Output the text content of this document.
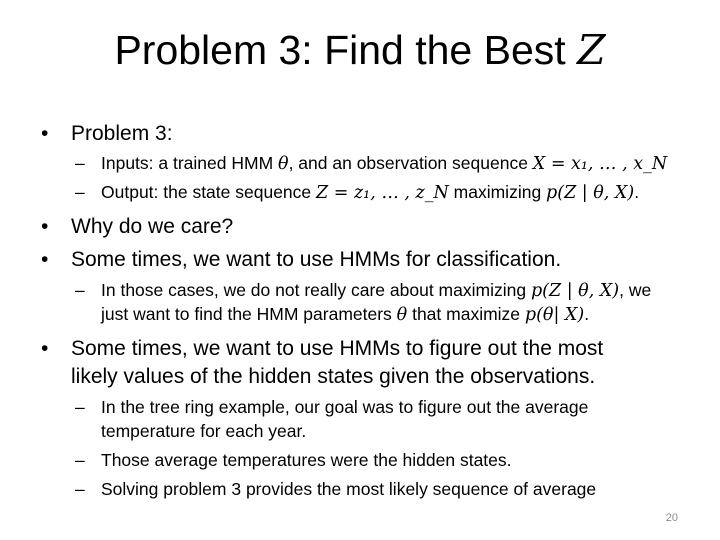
Problem 3: Find the Best Z
• Problem 3:
– Inputs: a trained HMM θ, and an observation sequence X = x₁, … , x_N
– Output: the state sequence Z = z₁, … , z_N maximizing p(Z | θ, X).
• Why do we care?
• Some times, we want to use HMMs for classification.
– In those cases, we do not really care about maximizing p(Z | θ, X), we
just want to find the HMM parameters θ that maximize p(θ| X).
• Some times, we want to use HMMs to figure out the most
likely values of the hidden states given the observations.
– In the tree ring example, our goal was to figure out the average
temperature for each year.
– Those average temperatures were the hidden states.
– Solving problem 3 provides the most likely sequence of average
20
